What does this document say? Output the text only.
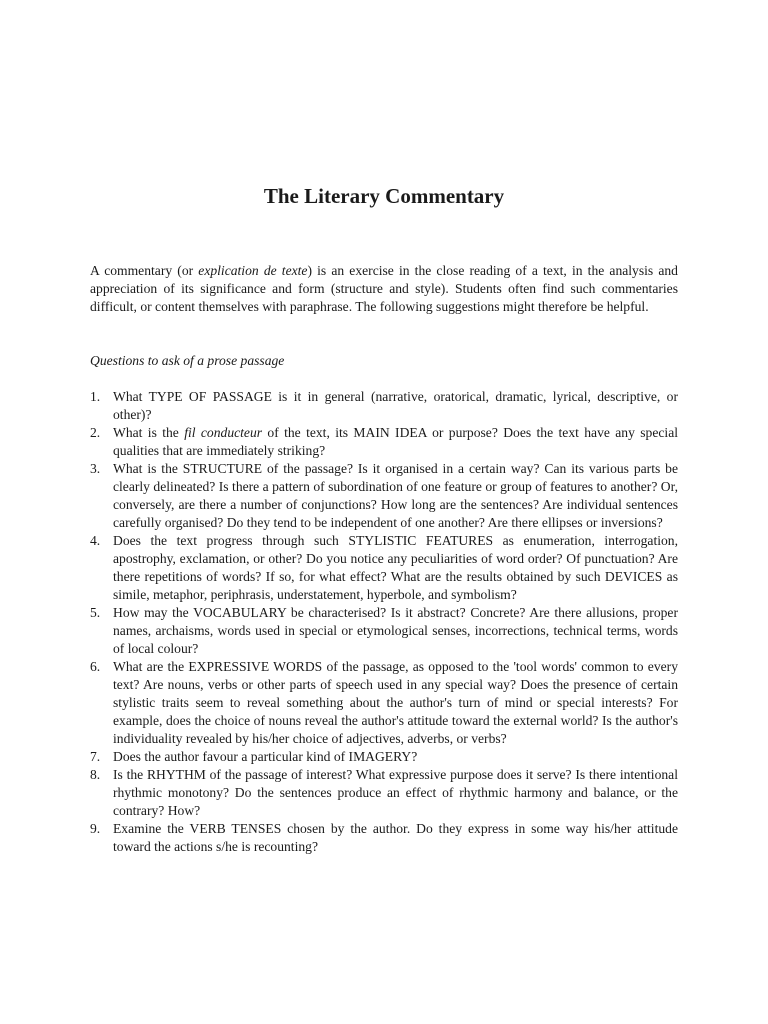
The Literary Commentary

A commentary (or explication de texte) is an exercise in the close reading of a text, in the analysis and appreciation of its significance and form (structure and style). Students often find such commentaries difficult, or content themselves with paraphrase. The following suggestions might therefore be helpful.

Questions to ask of a prose passage

1. What TYPE OF PASSAGE is it in general (narrative, oratorical, dramatic, lyrical, descriptive, or other)?
2. What is the fil conducteur of the text, its MAIN IDEA or purpose? Does the text have any special qualities that are immediately striking?
3. What is the STRUCTURE of the passage? Is it organised in a certain way? Can its various parts be clearly delineated? Is there a pattern of subordination of one feature or group of features to another? Or, conversely, are there a number of conjunctions? How long are the sentences? Are individual sentences carefully organised? Do they tend to be independent of one another? Are there ellipses or inversions?
4. Does the text progress through such STYLISTIC FEATURES as enumeration, interrogation, apostrophy, exclamation, or other? Do you notice any peculiarities of word order? Of punctuation? Are there repetitions of words? If so, for what effect? What are the results obtained by such DEVICES as simile, metaphor, periphrasis, understatement, hyperbole, and symbolism?
5. How may the VOCABULARY be characterised? Is it abstract? Concrete? Are there allusions, proper names, archaisms, words used in special or etymological senses, incorrections, technical terms, words of local colour?
6. What are the EXPRESSIVE WORDS of the passage, as opposed to the 'tool words' common to every text? Are nouns, verbs or other parts of speech used in any special way? Does the presence of certain stylistic traits seem to reveal something about the author's turn of mind or special interests? For example, does the choice of nouns reveal the author's attitude toward the external world? Is the author's individuality revealed by his/her choice of adjectives, adverbs, or verbs?
7. Does the author favour a particular kind of IMAGERY?
8. Is the RHYTHM of the passage of interest? What expressive purpose does it serve? Is there intentional rhythmic monotony? Do the sentences produce an effect of rhythmic harmony and balance, or the contrary? How?
9. Examine the VERB TENSES chosen by the author. Do they express in some way his/her attitude toward the actions s/he is recounting?
